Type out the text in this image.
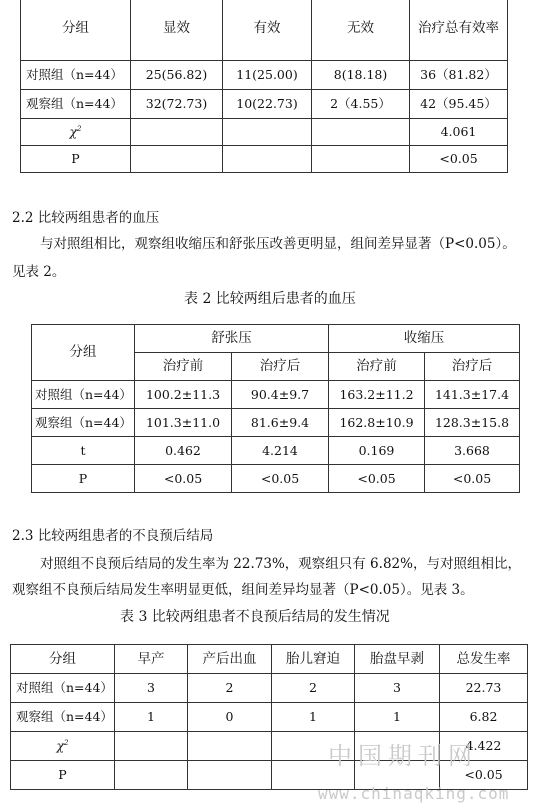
分组	显效	有效	无效	治疗总有效率
对照组（n=44）	25(56.82)	11(25.00)	8(18.18)	36（81.82）
观察组（n=44）	32(72.73)	10(22.73)	2（4.55）	42（95.45）
$\chi^2$				4.061
P				<0.05
2.2 比较两组患者的血压
与对照组相比，观察组收缩压和舒张压改善更明显，组间差异显著（P<0.05）。
见表 2。
表 2 比较两组后患者的血压
分组	舒张压		收缩压	
	治疗前	治疗后	治疗前	治疗后
对照组（n=44）	100.2±11.3	90.4±9.7	163.2±11.2	141.3±17.4
观察组（n=44）	101.3±11.0	81.6±9.4	162.8±10.9	128.3±15.8
t	0.462	4.214	0.169	3.668
P	<0.05	<0.05	<0.05	<0.05
2.3 比较两组患者的不良预后结局
对照组不良预后结局的发生率为 22.73%，观察组只有 6.82%，与对照组相比，
观察组不良预后结局发生率明显更低，组间差异均显著（P<0.05）。见表 3。
表 3 比较两组患者不良预后结局的发生情况
分组	早产	产后出血	胎儿窘迫	胎盘早剥	总发生率
对照组（n=44）	3	2	2	3	22.73
观察组（n=44）	1	0	1	1	6.82
$\chi^2$					4.422
P					<0.05
中国期刊网
www.chinaqking.com
